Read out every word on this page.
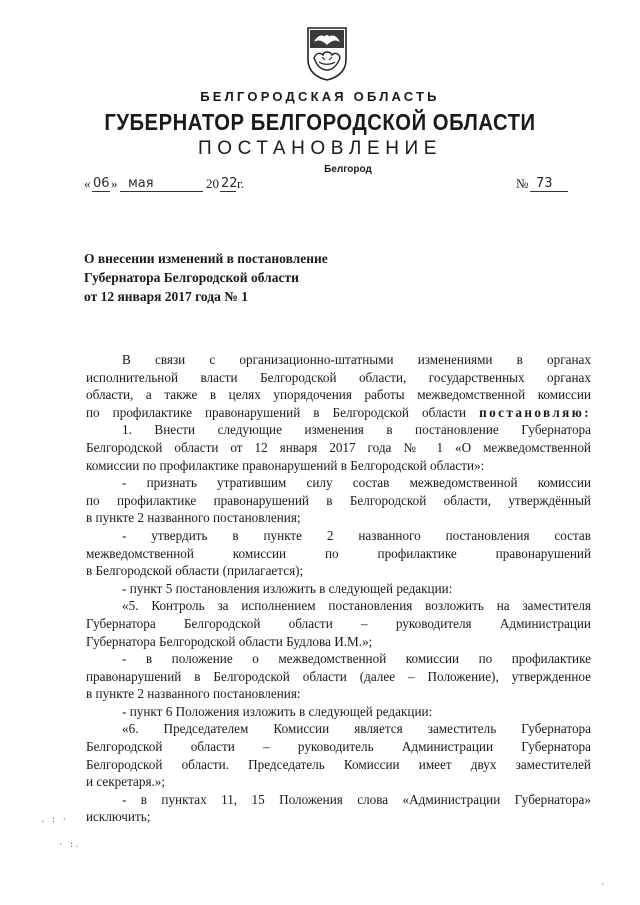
БЕЛГОРОДСКАЯ ОБЛАСТЬ
ГУБЕРНАТОР БЕЛГОРОДСКОЙ ОБЛАСТИ
ПОСТАНОВЛЕНИЕ
Белгород
« 06 » мая	20 22 г.	№ 73
О внесении изменений в постановление
Губернатора Белгородской области
от 12 января 2017 года № 1

В связи с организационно-штатными изменениями в органах
исполнительной власти Белгородской области, государственных органах
области, а также в целях упорядочения работы межведомственной комиссии
по профилактике правонарушений в Белгородской области постановляю:

1. Внести следующие изменения в постановление Губернатора
Белгородской области от 12 января 2017 года № 1 «О межведомственной
комиссии по профилактике правонарушений в Белгородской области»:

- признать утратившим силу состав межведомственной комиссии
по профилактике правонарушений в Белгородской области, утверждённый
в пункте 2 названного постановления;

- утвердить в пункте 2 названного постановления состав
межведомственной комиссии по профилактике правонарушений
в Белгородской области (прилагается);

- пункт 5 постановления изложить в следующей редакции:

«5. Контроль за исполнением постановления возложить на заместителя
Губернатора Белгородской области – руководителя Администрации
Губернатора Белгородской области Будлова И.М.»;

- в положение о межведомственной комиссии по профилактике
правонарушений в Белгородской области (далее – Положение), утвержденное
в пункте 2 названного постановления:

- пункт 6 Положения изложить в следующей редакции:

«6. Председателем Комиссии является заместитель Губернатора
Белгородской области – руководитель Администрации Губернатора
Белгородской области. Председатель Комиссии имеет двух заместителей
и секретаря.»;

- в пунктах 11, 15 Положения слова «Администрации Губернатора»
исключить;

. : ·
· :.
·
